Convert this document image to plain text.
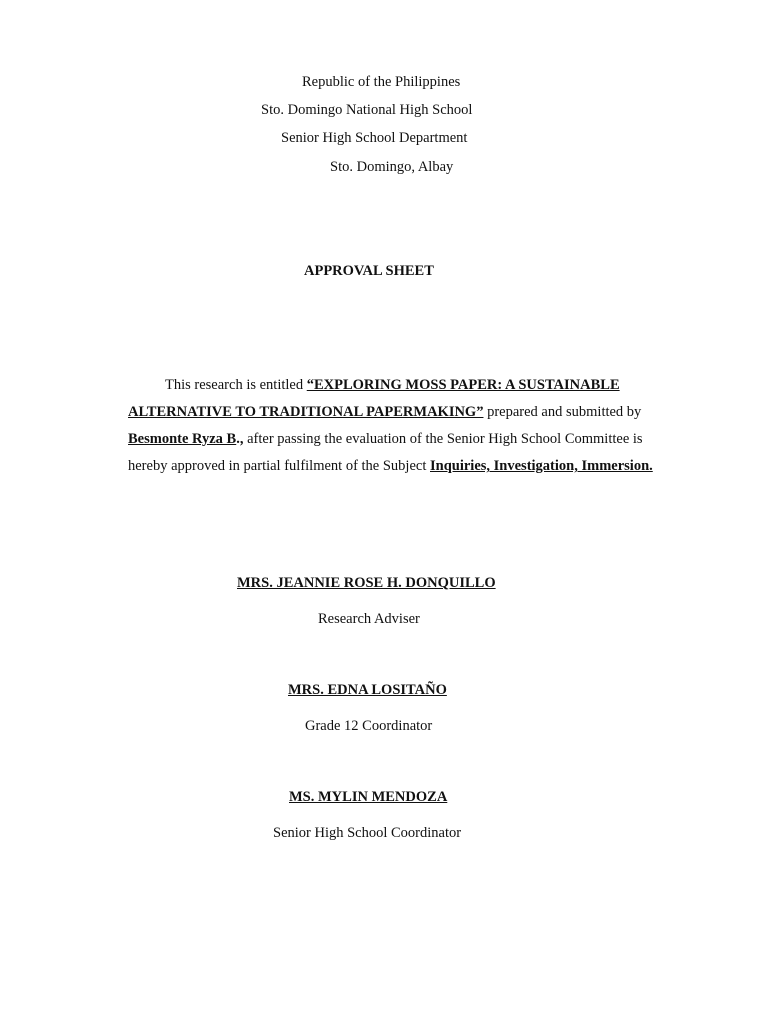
Republic of the Philippines
Sto. Domingo National High School
Senior High School Department
Sto. Domingo, Albay
APPROVAL SHEET
This research is entitled “EXPLORING MOSS PAPER: A SUSTAINABLE
ALTERNATIVE TO TRADITIONAL PAPERMAKING” prepared and submitted by
Besmonte Ryza B., after passing the evaluation of the Senior High School Committee is
hereby approved in partial fulfilment of the Subject Inquiries, Investigation, Immersion.
MRS. JEANNIE ROSE H. DONQUILLO
Research Adviser
MRS. EDNA LOSITAÑO
Grade 12 Coordinator
MS. MYLIN MENDOZA
Senior High School Coordinator
